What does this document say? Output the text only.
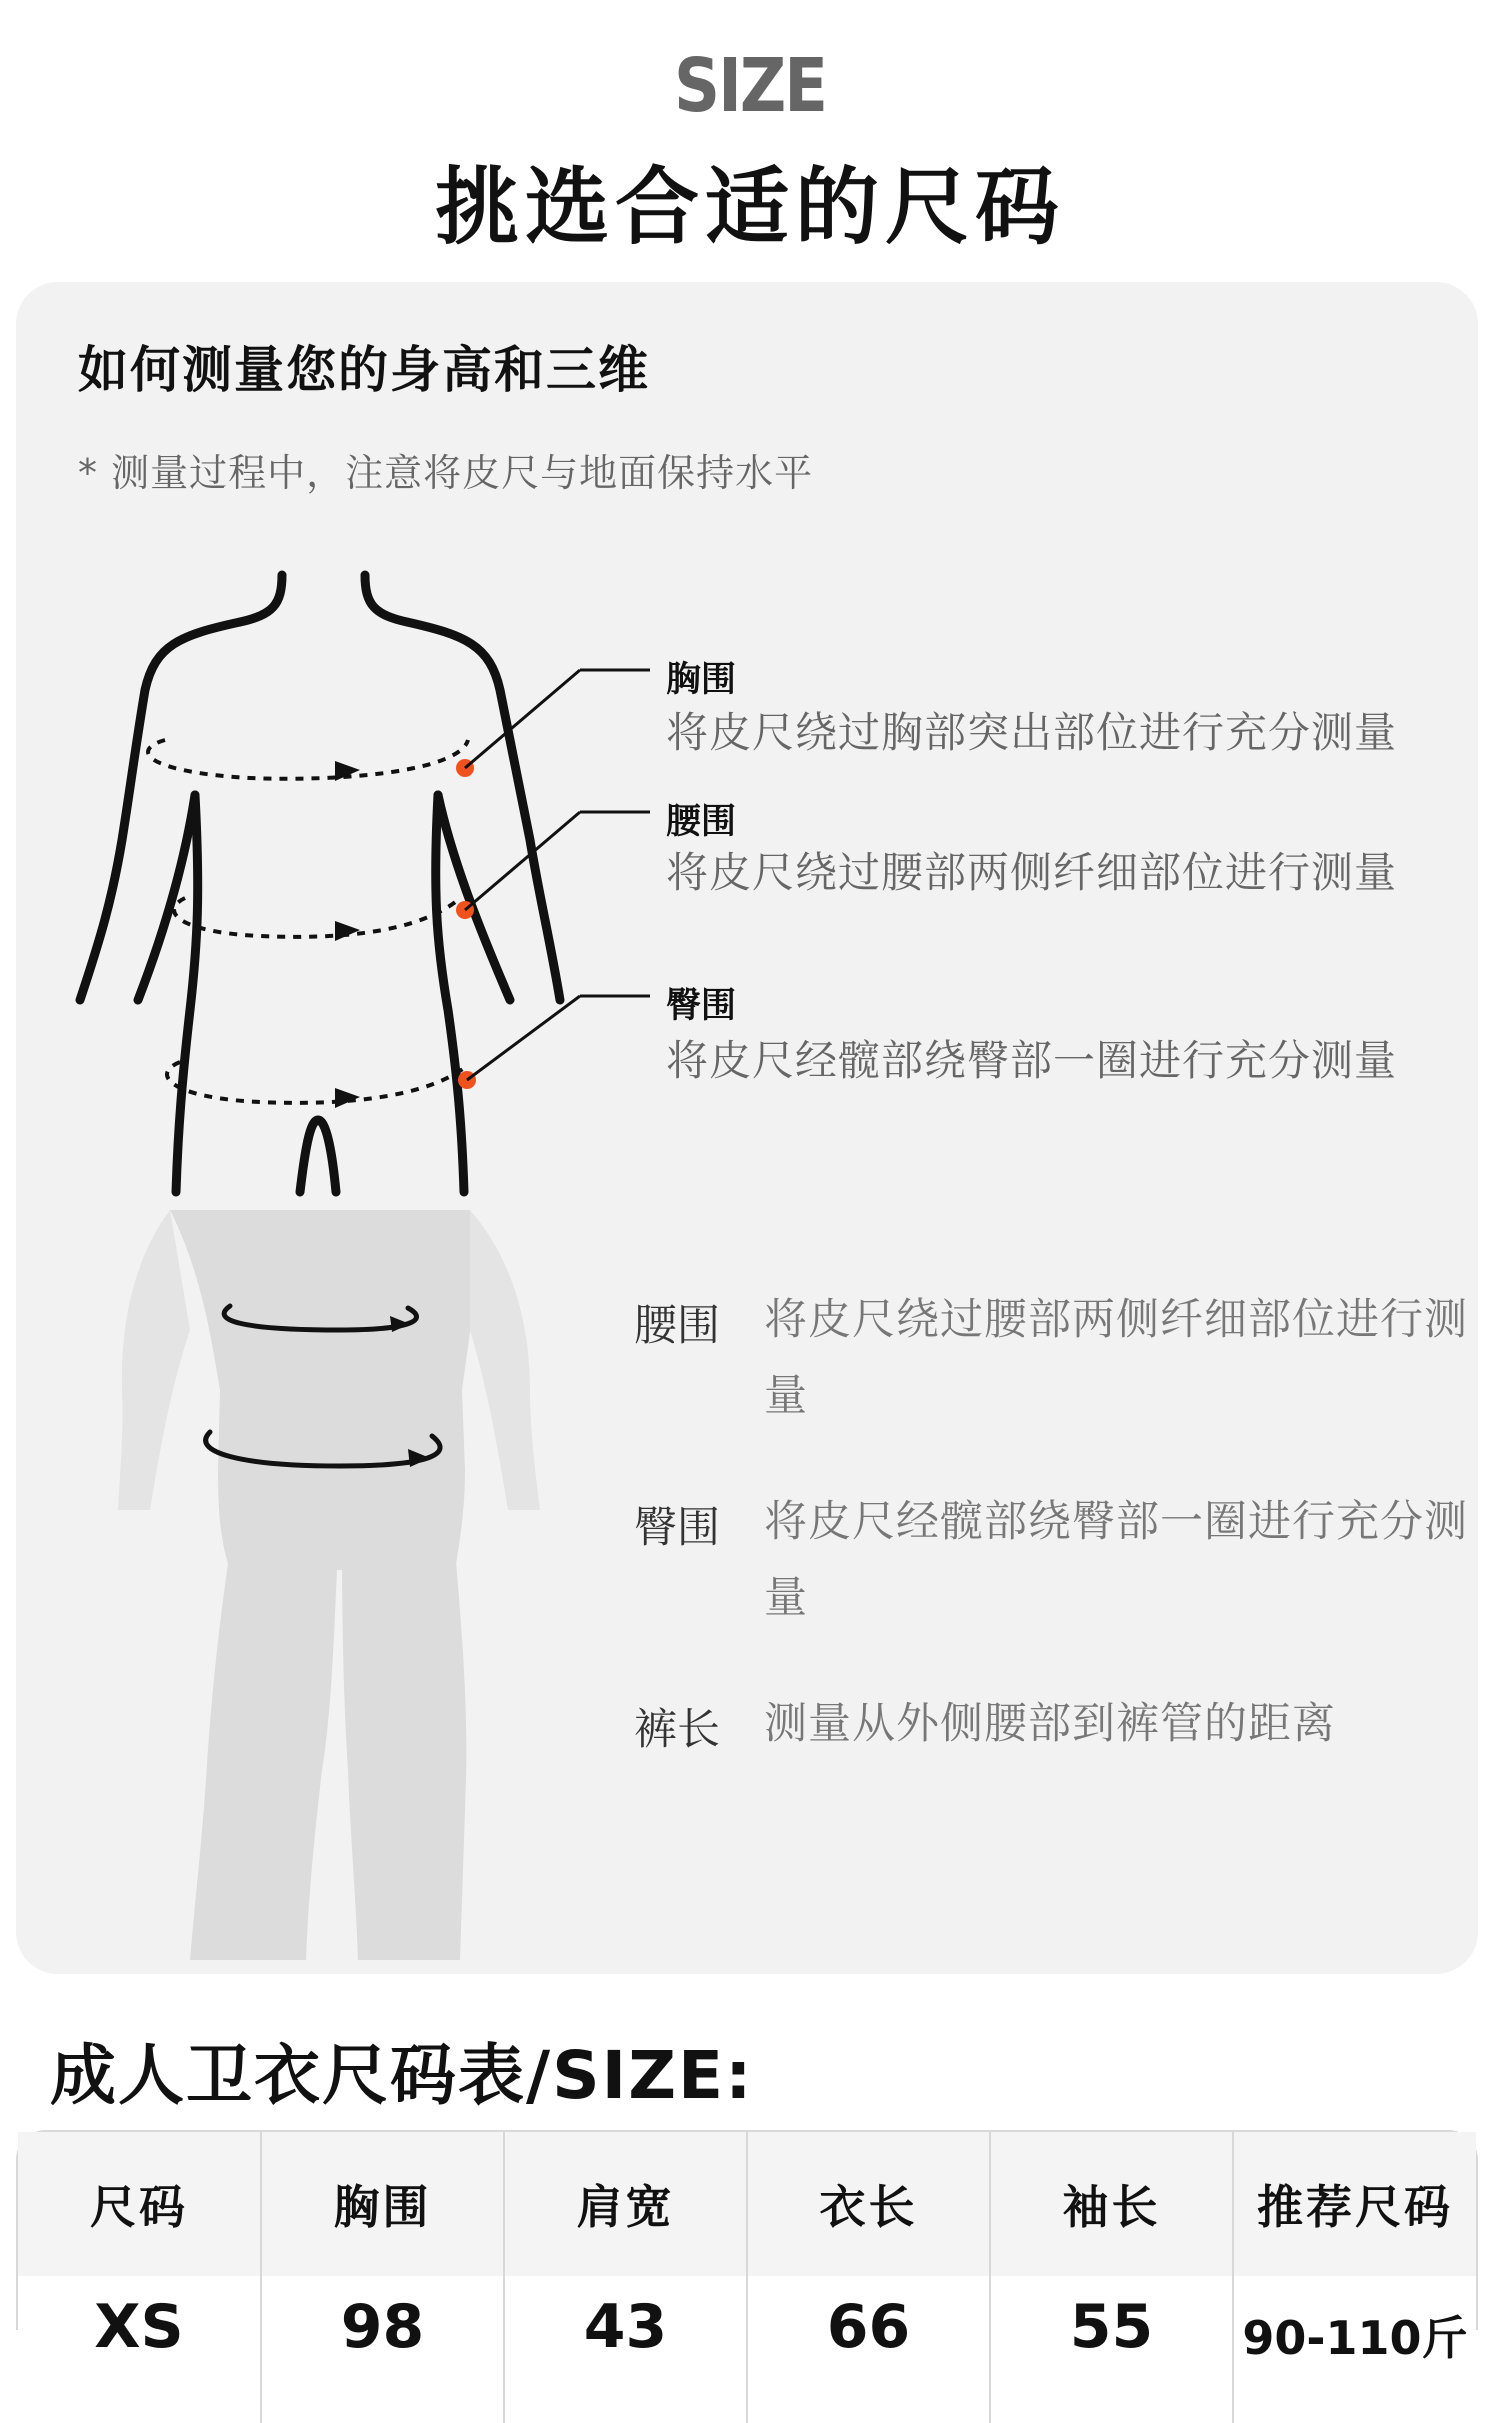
SIZE
挑选合适的尺码
如何测量您的身高和三维
* 测量过程中，注意将皮尺与地面保持水平
胸围
将皮尺绕过胸部突出部位进行充分测量
腰围
将皮尺绕过腰部两侧纤细部位进行测量
臀围
将皮尺经髋部绕臀部一圈进行充分测量
腰围 将皮尺绕过腰部两侧纤细部位进行测量
臀围 将皮尺经髋部绕臀部一圈进行充分测量
裤长 测量从外侧腰部到裤管的距离
成人卫衣尺码表/SIZE:
尺码	胸围	肩宽	衣长	袖长	推荐尺码
XS	98	43	66	55	90-110斤
